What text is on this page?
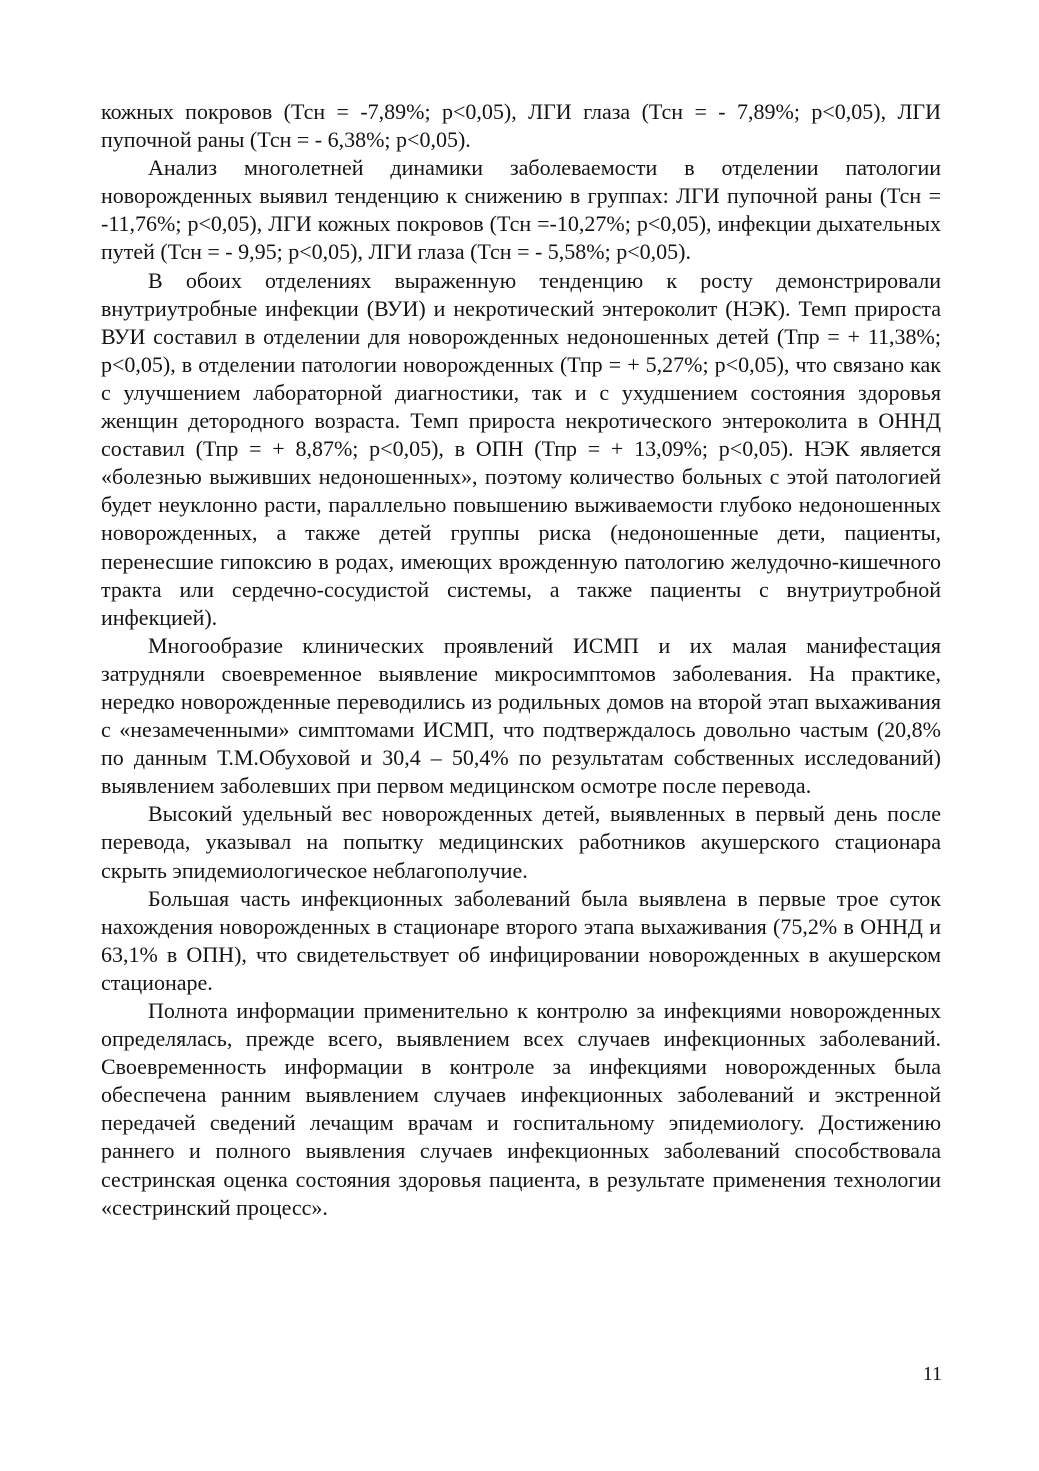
кожных покровов (Тсн = -7,89%; p<0,05), ЛГИ глаза (Тсн = - 7,89%; p<0,05), ЛГИ пупочной раны (Тсн = - 6,38%; p<0,05).

Анализ многолетней динамики заболеваемости в отделении патологии новорожденных выявил тенденцию к снижению в группах: ЛГИ пупочной раны (Тсн = -11,76%; p<0,05), ЛГИ кожных покровов (Тсн =-10,27%; p<0,05), инфекции дыхательных путей (Тсн = - 9,95; p<0,05), ЛГИ глаза (Тсн = - 5,58%; p<0,05).

В обоих отделениях выраженную тенденцию к росту демонстрировали внутриутробные инфекции (ВУИ) и некротический энтероколит (НЭК). Темп прироста ВУИ составил в отделении для новорожденных недоношенных детей (Тпр = + 11,38%; p<0,05), в отделении патологии новорожденных (Тпр = + 5,27%; p<0,05), что связано как с улучшением лабораторной диагностики, так и с ухудшением состояния здоровья женщин детородного возраста. Темп прироста некротического энтероколита в ОННД составил (Тпр = + 8,87%; p<0,05), в ОПН (Тпр = + 13,09%; p<0,05). НЭК является «болезнью выживших недоношенных», поэтому количество больных с этой патологией будет неуклонно расти, параллельно повышению выживаемости глубоко недоношенных новорожденных, а также детей группы риска (недоношенные дети, пациенты, перенесшие гипоксию в родах, имеющих врожденную патологию желудочно-кишечного тракта или сердечно-сосудистой системы, а также пациенты с внутриутробной инфекцией).

Многообразие клинических проявлений ИСМП и их малая манифестация затрудняли своевременное выявление микросимптомов заболевания. На практике, нередко новорожденные переводились из родильных домов на второй этап выхаживания с «незамеченными» симптомами ИСМП, что подтверждалось довольно частым (20,8% по данным Т.М.Обуховой и 30,4 – 50,4% по результатам собственных исследований) выявлением заболевших при первом медицинском осмотре после перевода.

Высокий удельный вес новорожденных детей, выявленных в первый день после перевода, указывал на попытку медицинских работников акушерского стационара скрыть эпидемиологическое неблагополучие.

Большая часть инфекционных заболеваний была выявлена в первые трое суток нахождения новорожденных в стационаре второго этапа выхаживания (75,2% в ОННД и 63,1% в ОПН), что свидетельствует об инфицировании новорожденных в акушерском стационаре.

Полнота информации применительно к контролю за инфекциями новорожденных определялась, прежде всего, выявлением всех случаев инфекционных заболеваний. Своевременность информации в контроле за инфекциями новорожденных была обеспечена ранним выявлением случаев инфекционных заболеваний и экстренной передачей сведений лечащим врачам и госпитальному эпидемиологу. Достижению раннего и полного выявления случаев инфекционных заболеваний способствовала сестринская оценка состояния здоровья пациента, в результате применения технологии «сестринский процесс».

11
